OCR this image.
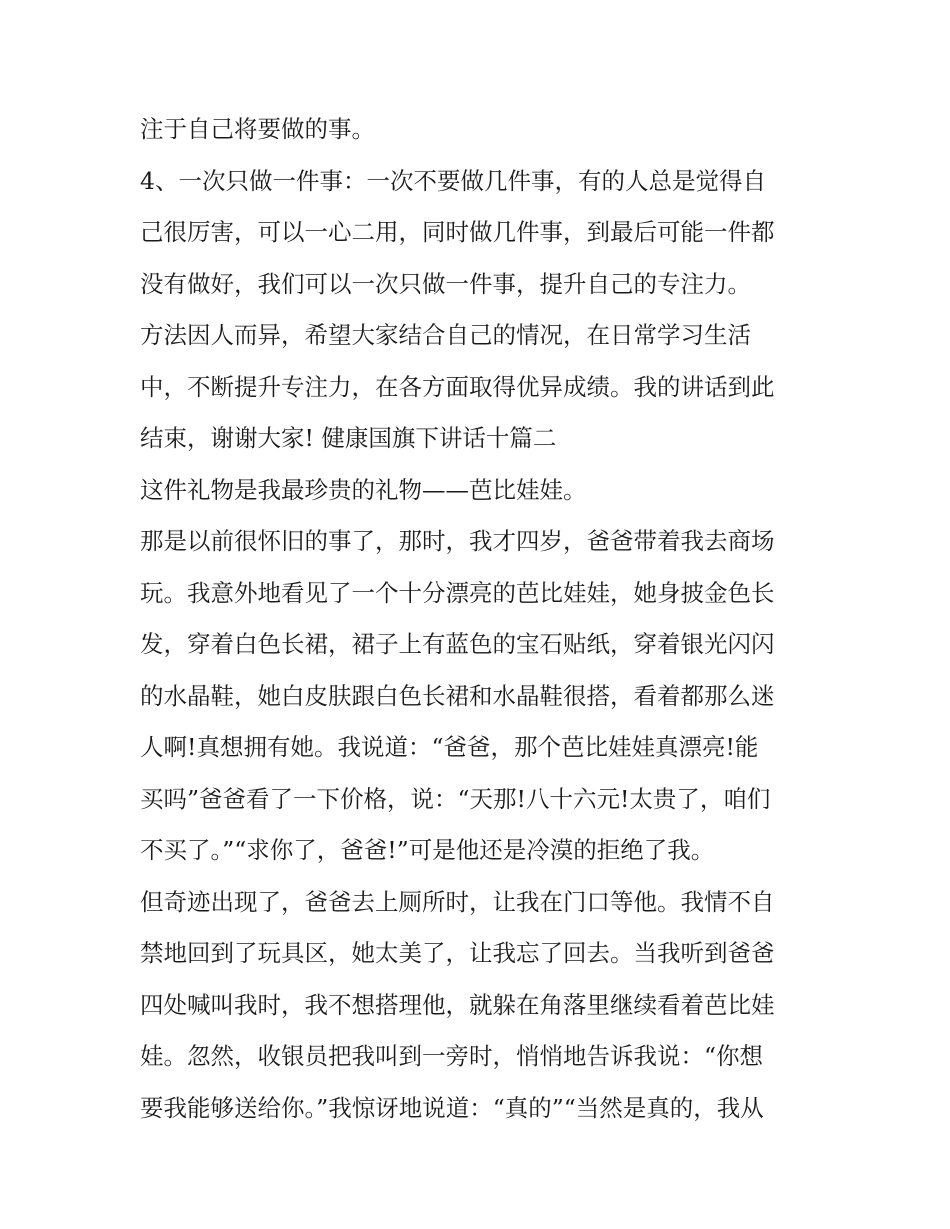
注于自己将要做的事。
4、一次只做一件事：一次不要做几件事，有的人总是觉得自
己很厉害，可以一心二用，同时做几件事，到最后可能一件都
没有做好，我们可以一次只做一件事，提升自己的专注力。
方法因人而异，希望大家结合自己的情况，在日常学习生活
中，不断提升专注力，在各方面取得优异成绩。我的讲话到此
结束，谢谢大家! 健康国旗下讲话十篇二
这件礼物是我最珍贵的礼物——芭比娃娃。
那是以前很怀旧的事了，那时，我才四岁，爸爸带着我去商场
玩。我意外地看见了一个十分漂亮的芭比娃娃，她身披金色长
发，穿着白色长裙，裙子上有蓝色的宝石贴纸，穿着银光闪闪
的水晶鞋，她白皮肤跟白色长裙和水晶鞋很搭，看着都那么迷
人啊!真想拥有她。我说道：“爸爸，那个芭比娃娃真漂亮!能
买吗”爸爸看了一下价格，说：“天那!八十六元!太贵了，咱们
不买了。”“求你了，爸爸!”可是他还是冷漠的拒绝了我。
但奇迹出现了，爸爸去上厕所时，让我在门口等他。我情不自
禁地回到了玩具区，她太美了，让我忘了回去。当我听到爸爸
四处喊叫我时，我不想搭理他，就躲在角落里继续看着芭比娃
娃。忽然，收银员把我叫到一旁时，悄悄地告诉我说：“你想
要我能够送给你。”我惊讶地说道：“真的”“当然是真的，我从
